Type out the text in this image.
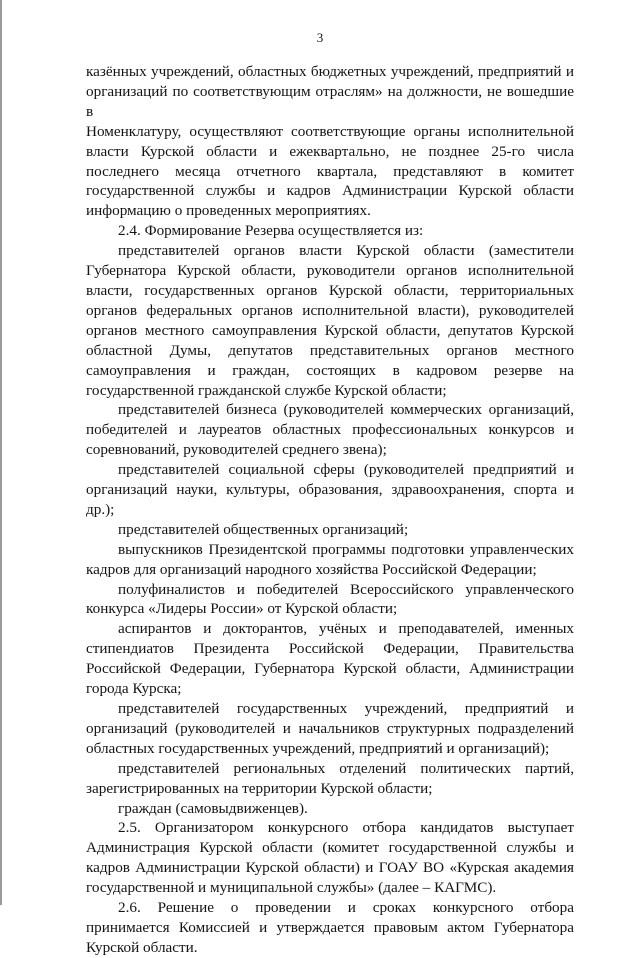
3

казённых учреждений, областных бюджетных учреждений, предприятий и

организаций по соответствующим отраслям» на должности, не вошедшие в

Номенклатуру, осуществляют соответствующие органы исполнительной

власти Курской области и ежеквартально, не позднее 25-го числа

последнего месяца отчетного квартала, представляют в комитет

государственной службы и кадров Администрации Курской области

информацию о проведенных мероприятиях.

2.4. Формирование Резерва осуществляется из:

представителей органов власти Курской области (заместители

Губернатора Курской области, руководители органов исполнительной

власти, государственных органов Курской области, территориальных

органов федеральных органов исполнительной власти), руководителей

органов местного самоуправления Курской области, депутатов Курской

областной Думы, депутатов представительных органов местного

самоуправления и граждан, состоящих в кадровом резерве на

государственной гражданской службе Курской области;

представителей бизнеса (руководителей коммерческих организаций,

победителей и лауреатов областных профессиональных конкурсов и

соревнований, руководителей среднего звена);

представителей социальной сферы (руководителей предприятий и

организаций науки, культуры, образования, здравоохранения, спорта и

др.);

представителей общественных организаций;

выпускников Президентской программы подготовки управленческих

кадров для организаций народного хозяйства Российской Федерации;

полуфиналистов и победителей Всероссийского управленческого

конкурса «Лидеры России» от Курской области;

аспирантов и докторантов, учёных и преподавателей, именных

стипендиатов Президента Российской Федерации, Правительства

Российской Федерации, Губернатора Курской области, Администрации

города Курска;

представителей государственных учреждений, предприятий и

организаций (руководителей и начальников структурных подразделений

областных государственных учреждений, предприятий и организаций);

представителей региональных отделений политических партий,

зарегистрированных на территории Курской области;

граждан (самовыдвиженцев).

2.5. Организатором конкурсного отбора кандидатов выступает

Администрация Курской области (комитет государственной службы и

кадров Администрации Курской области) и ГОАУ ВО «Курская академия

государственной и муниципальной службы» (далее – КАГМС).

2.6. Решение о проведении и сроках конкурсного отбора

принимается Комиссией и утверждается правовым актом Губернатора

Курской области.
